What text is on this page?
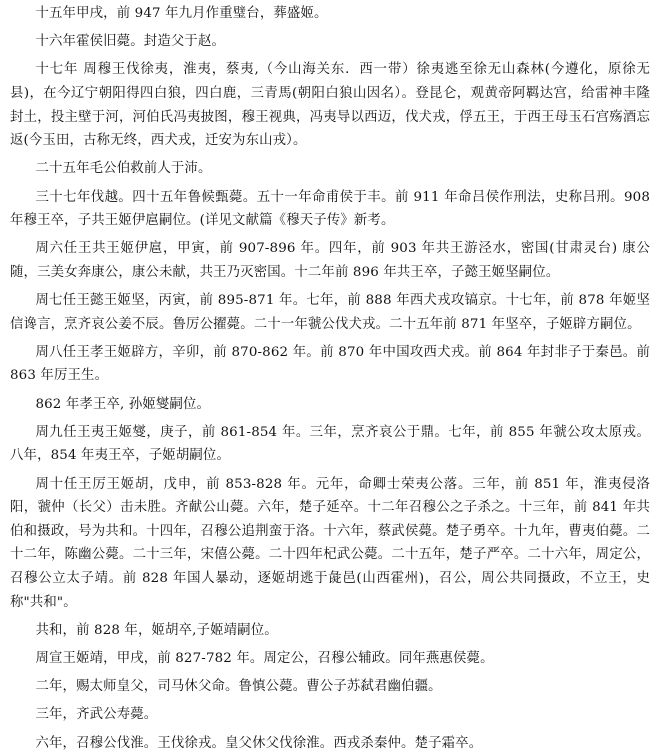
十五年甲戌，前 947 年九月作重璧台，葬盛姬。

十六年霍侯旧薨。封造父于赵。

十七年 周穆王伐徐夷，淮夷，蔡夷,（今山海关东．西一带）徐夷逃至徐无山森林(今遵化，原徐无县)，在今辽宁朝阳得四白狼，四白鹿，三青馬(朝阳白狼山因名）。登昆仑，观黄帝阿羁达宫，给雷神丰隆封土，投主壁于河，河伯氏冯夷披图，穆王视典，冯夷导以西迈，伐犬戎，俘五王，于西王母玉石宫殇酒忘返(今玉田，古称无终，西犬戎，迁安为东山戎）。

二十五年毛公伯救前人于沛。

三十七年伐越。四十五年鲁候甄薨。五十一年命甫侯于丰。前 911 年命吕侯作刑法，史称吕刑。908 年穆王卒，子共王姬伊扈嗣位。(详见文献篇《穆天子传》新考。

周六任王共王姬伊扈，甲寅，前 907-896 年。四年，前 903 年共王游泾水，密国(甘肃灵台) 康公随，三美女奔康公，康公未献，共王乃灭密国。十二年前 896 年共王卒，子懿王姬坚嗣位。

周七任王懿王姬坚，丙寅，前 895-871 年。七年，前 888 年西犬戎攻镐京。十七年，前 878 年姬坚信谗言，烹齐哀公姜不辰。鲁厉公擢薨。二十一年虢公伐犬戎。二十五年前 871 年坚卒，子姬辟方嗣位。

周八任王孝王姬辟方，辛卯，前 870-862 年。前 870 年中国攻西犬戎。前 864 年封非子于秦邑。前 863 年厉王生。

862 年孝王卒, 孙姬燮嗣位。

周九任王夷王姬燮，庚子，前 861-854 年。三年，烹齐哀公于鼎。七年，前 855 年虢公攻太原戎。八年，854 年夷王卒，子姬胡嗣位。

周十任王厉王姬胡，戊申，前 853-828 年。元年，命卿士荣夷公落。三年，前 851 年，淮夷侵洛阳，虢仲（长父）击未胜。齐献公山薨。六年，楚子延卒。十二年召穆公之子杀之。十三年，前 841 年共伯和摄政，号为共和。十四年，召穆公追荆蛮于洛。十六年，蔡武侯薨。楚子勇卒。十九年，曹夷伯薨。二十二年，陈幽公薨。二十三年，宋僖公薨。二十四年杞武公薨。二十五年，楚子严卒。二十六年，周定公，召穆公立太子靖。前 828 年国人暴动，逐姬胡逃于彘邑(山西霍州)，召公，周公共同摄政，不立王，史称"共和"。

共和，前 828 年，姬胡卒,子姬靖嗣位。

周宣王姬靖，甲戌，前 827-782 年。周定公，召穆公辅政。同年燕惠侯薨。

二年，赐太师皇父，司马休父命。鲁慎公薨。曹公子苏弑君幽伯疆。

三年，齐武公寿薨。

六年，召穆公伐淮。王伐徐戎。皇父休父伐徐淮。西戎杀秦仲。楚子霜卒。
